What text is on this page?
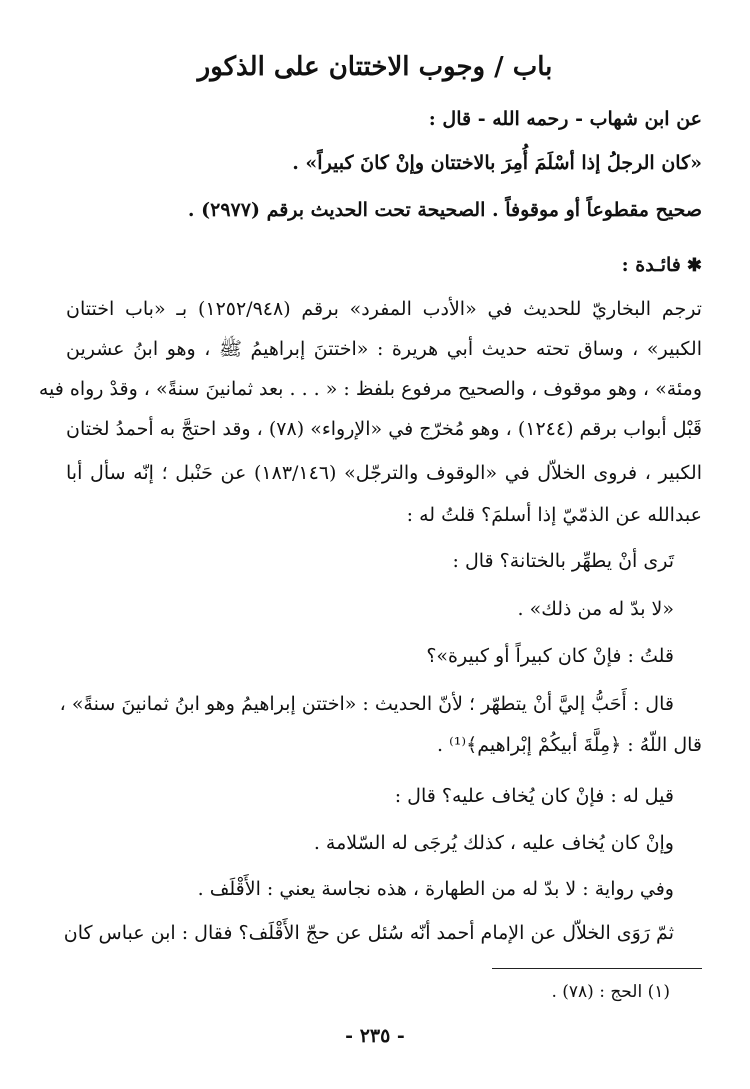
باب / وجوب الاختتان على الذكور
عن ابن شهاب - رحمه الله - قال :
«كان الرجلُ إذا أسْلَمَ أُمِرَ بالاختتان وإنْ كانَ كبيراً» .
صحيح مقطوعاً أو موقوفاً . الصحيحة تحت الحديث برقم (٢٩٧٧) .
✱فائـدة :
ترجم البخاريّ للحديث في «الأدب المفرد» برقم (١٢٥٢/٩٤٨) بـ «باب اختتان
الكبير» ، وساق تحته حديث أبي هريرة : «اختتنَ إبراهيمُ ﷺ ، وهو ابنُ عشرين
ومئة» ، وهو موقوف ، والصحيح مرفوع بلفظ : « . . . بعد ثمانينَ سنةً» ، وقدْ رواه فيه
قَبْل أبواب برقم (١٢٤٤) ، وهو مُخرّج في «الإرواء» (٧٨) ، وقد احتجَّ به أحمدُ لختان
الكبير ، فروى الخلاّل في «الوقوف والترجّل» (١٨٣/١٤٦) عن حَنْبل ؛ إنّه سأل أبا
عبدالله عن الذمّيّ إذا أسلمَ؟ قلتُ له :
تَرى أنْ يطهِّر بالختانة؟ قال :
«لا بدّ له من ذلك» .
قلتُ : فإنْ كان كبيراً أو كبيرة»؟
قال : أَحَبُّ إليَّ أنْ يتطهّر ؛ لأنّ الحديث : «اختتن إبراهيمُ وهو ابنُ ثمانينَ سنةً» ،
قال اللّهُ : ﴿مِلَّةَ أبيكُمْ إبْراهيم﴾⁽¹⁾ .
قيل له : فإنْ كان يُخاف عليه؟ قال :
وإنْ كان يُخاف عليه ، كذلك يُرجَى له السّلامة .
وفي رواية : لا بدّ له من الطهارة ، هذه نجاسة يعني : الأَقْلَف .
ثمّ رَوَى الخلاّل عن الإمام أحمد أنّه سُئل عن حجّ الأَقْلَف؟ فقال : ابن عباس كان
(١) الحج : (٧٨) .
- ٢٣٥ -
